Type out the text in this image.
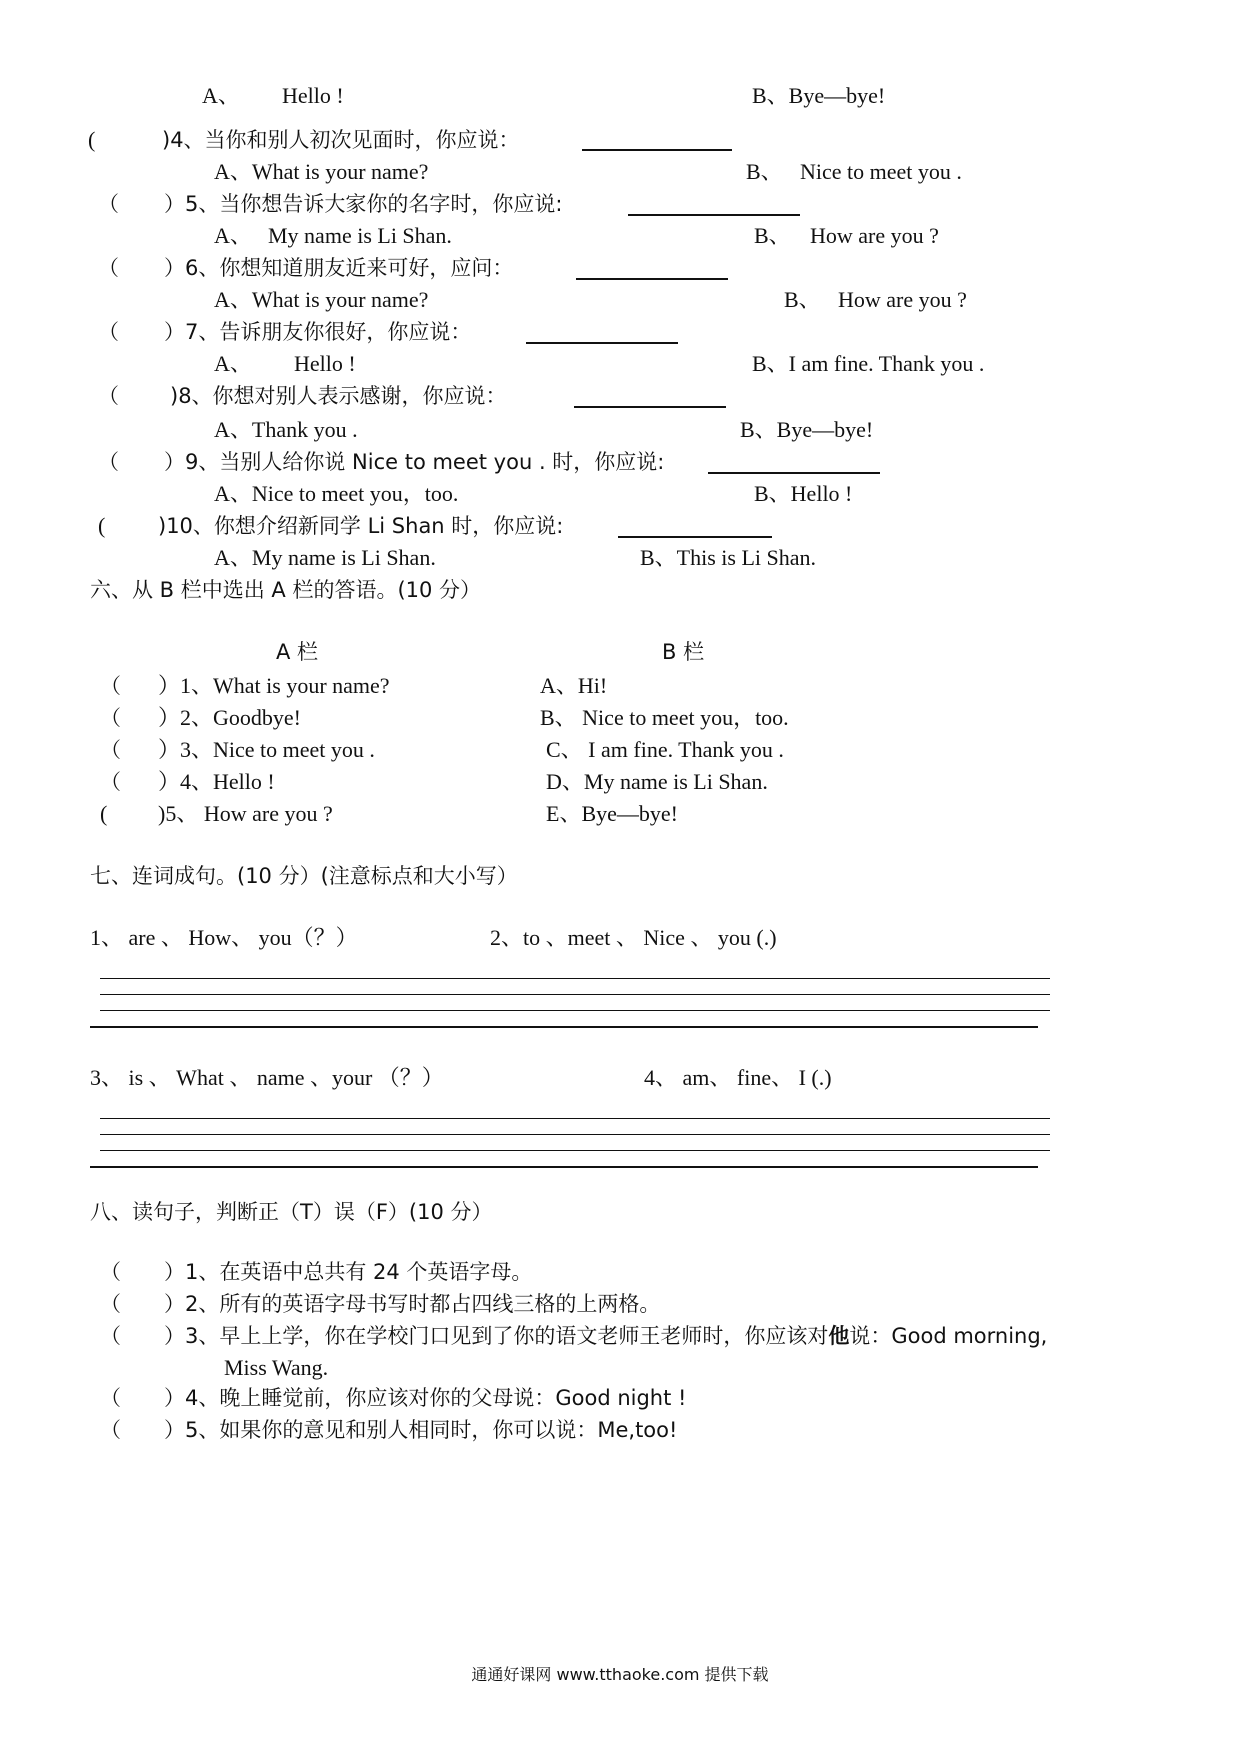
A、 Hello !	B、Bye—bye!
(	)4、当你和别人初次见面时，你应说：
A、What is your name?	B、 Nice to meet you .
（ ）5、当你想告诉大家你的名字时，你应说:
A、 My name is Li Shan.	B、 How are you ?
（ ）6、你想知道朋友近来可好，应问：
A、What is your name?	B、 How are you ?
（ ）7、告诉朋友你很好，你应说：
A、 Hello !	B、I am fine. Thank you .
（ )8、你想对别人表示感谢，你应说：
A、Thank you .	B、Bye—bye!
（ ）9、当别人给你说 Nice to meet you . 时，你应说:
A、Nice to meet you，too.	B、Hello !
(	)10、你想介绍新同学 Li Shan 时，你应说:
A、My name is Li Shan.	B、This is Li Shan.
六、从 B 栏中选出 A 栏的答语。(10 分）
A 栏	B 栏
（ ）1、What is your name?	A、Hi!
（ ）2、Goodbye!	B、 Nice to meet you，too.
（ ）3、Nice to meet you .	C、 I am fine. Thank you .
（ ）4、Hello !	D、My name is Li Shan.
( )5、 How are you ?	E、Bye—bye!
七、连词成句。(10 分）(注意标点和大小写）
1、 are 、 How、 you（？）	2、to 、meet 、 Nice 、 you (.)
3、 is 、 What 、 name 、your （？）	4、 am、 fine、 I (.)
八、读句子，判断正（T）误（F）(10 分）
（ ）1、在英语中总共有 24 个英语字母。
（ ）2、所有的英语字母书写时都占四线三格的上两格。
（ ）3、早上上学，你在学校门口见到了你的语文老师王老师时，你应该对他说：Good morning,
Miss Wang.
（ ）4、晚上睡觉前，你应该对你的父母说：Good night !
（ ）5、如果你的意见和别人相同时，你可以说：Me,too!
通通好课网 www.tthaoke.com 提供下载
